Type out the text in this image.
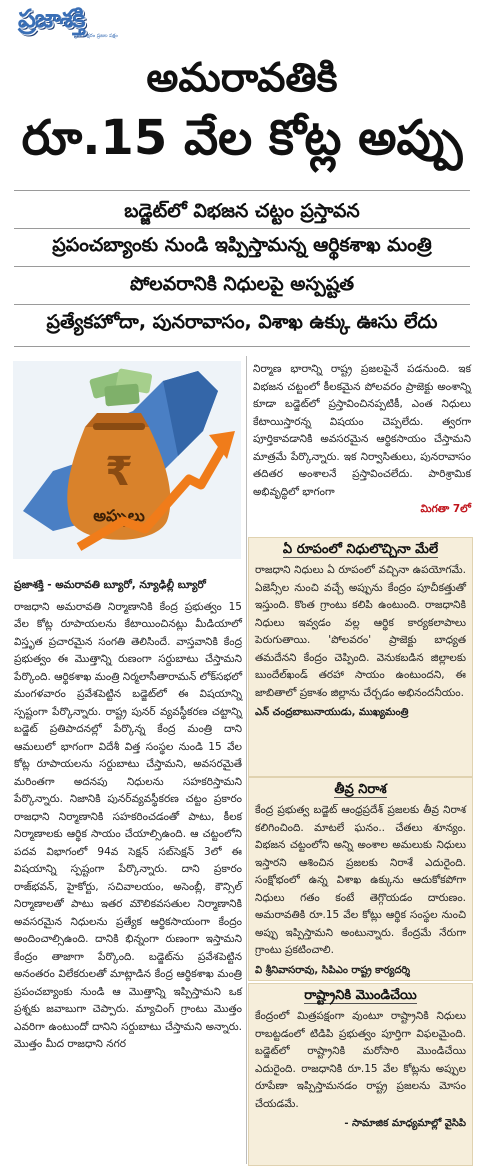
ప్రజాశక్తి
ప్రతి అక్షరం ప్రజల పక్షం
అమరావతికి
రూ.15 వేల కోట్ల అప్పు
బడ్జెట్‌లో విభజన చట్టం ప్రస్తావన
ప్రపంచబ్యాంకు నుండి ఇప్పిస్తామన్న ఆర్థికశాఖ మంత్రి
పోలవరానికి నిధులపై అస్పష్టత
ప్రత్యేకహోదా, పునరావాసం, విశాఖ ఉక్కు ఊసు లేదు
₹
అప్పులు

నిర్మాణ భారాన్ని రాష్ట్ర ప్రజలపైనే పడనుంది. ఇక విభజన చట్టంలో కీలకమైన పోలవరం ప్రాజెక్టు అంశాన్ని కూడా బడ్జెట్‌లో ప్రస్తావించినప్పటికీ, ఎంత నిధులు కేటాయిస్తారన్న విషయం చెప్పలేదు. త్వరగా పూర్తికావడానికి అవసరమైన ఆర్థికసాయం చేస్తామని మాత్రమే పేర్కొన్నారు. ఇక నిర్వాసితులు, పునరావాసం తదితర అంశాలనే ప్రస్తావించలేదు. పారిశ్రామిక అభివృద్ధిలో భాగంగా

మిగతా 7లో

ప్రజాశక్తి - అమరావతి బ్యూరో, న్యూఢిల్లీ బ్యూరో

రాజధాని అమరావతి నిర్మాణానికి కేంద్ర ప్రభుత్వం 15 వేల కోట్ల రూపాయలను కేటాయించినట్లు మీడియాలో విస్తృత ప్రచారమైన సంగతి తెలిసిందే. వాస్తవానికి కేంద్ర ప్రభుత్వం ఈ మొత్తాన్ని రుణంగా సర్దుబాటు చేస్తామని పేర్కొంది. ఆర్థికశాఖ మంత్రి నిర్మలాసీతారామన్ లోక్‌సభలో మంగళవారం ప్రవేశపెట్టిన బడ్జెట్‌లో ఈ విషయాన్ని స్పష్టంగా పేర్కొన్నారు. రాష్ట్ర పునర్ వ్యవస్థీకరణ చట్టాన్ని బడ్జెట్ ప్రతిపాదనల్లో పేర్కొన్న కేంద్ర మంత్రి దాని ఆమలులో భాగంగా విదేశీ విత్త సంస్థల నుండి 15 వేల కోట్ల రూపాయలను సర్దుబాటు చేస్తామని, అవసరమైతే మరింతగా అదనపు నిధులను సహకరిస్తామని పేర్కొన్నారు. నిజానికి పునర్‌వ్యవస్థీకరణ చట్టం ప్రకారం రాజధాని నిర్మాణానికి సహకరించడంతో పాటు, కీలక నిర్మాణాలకు ఆర్థిక సాయం చేయాల్సిఉంది. ఆ చట్టంలోని పదవ విభాగంలో 94వ సెక్షన్ సబ్‌సెక్షన్ 3లో ఈ విషయాన్ని స్పష్టంగా పేర్కొన్నారు. దాని ప్రకారం రాజ్‌భవన్, హైకోర్టు, సచివాలయం, అసెంబ్లీ, కౌన్సిల్ నిర్మాణాలతో పాటు ఇతర మౌలికవసతుల నిర్మాణానికి అవసరమైన నిధులను ప్రత్యేక ఆర్థికసాయంగా కేంద్రం అందించాల్సిఉంది. దానికి భిన్నంగా రుణంగా ఇస్తామని కేంద్రం తాజాగా పేర్కొంది. బడ్జెట్‌ను ప్రవేశపెట్టిన అనంతరం విలేకరులతో మాట్లాడిన కేంద్ర ఆర్థికశాఖ మంత్రి ప్రపంచబ్యాంకు నుండి ఆ మొత్తాన్ని ఇప్పిస్తామని ఒక ప్రశ్నకు జవాబుగా చెప్పారు. మ్యాచింగ్ గ్రాంటు మొత్తం ఎవరిగా ఉంటుందో దానిని సర్దుబాటు చేస్తామని అన్నారు. మొత్తం మీద రాజధాని నగర

ఏ రూపంలో నిధులొచ్చినా మేలే

రాజధాని నిధులు ఏ రూపంలో వచ్చినా ఉపయోగమే. ఏజెన్సీల నుంచి వచ్చే అప్పును కేంద్రం పూచీకత్తుతో ఇస్తుంది. కొంత గ్రాంటు కలిపి ఉంటుంది. రాజధానికి నిధులు ఇవ్వడం వల్ల ఆర్థిక కార్యకలాపాలు పెరుగుతాయి. 'పోలవరం' ప్రాజెక్టు బాధ్యత తమదేనని కేంద్రం చెప్పింది. వెనుకబడిన జిల్లాలకు బుందేల్‌ఖండ్ తరహా సాయం ఉంటుందని, ఈ జాబితాలో ప్రకాశం జిల్లాను చేర్చడం అభినందనీయం.

ఎన్ చంద్రబాబునాయుడు, ముఖ్యమంత్రి

తీవ్ర నిరాశ

కేంద్ర ప్రభుత్వ బడ్జెట్ ఆంధ్రప్రదేశ్ ప్రజలకు తీవ్ర నిరాశ కలిగించింది. మాటలే ఘనం.. చేతలు శూన్యం. విభజన చట్టంలోని అన్ని అంశాల అమలుకు నిధులు ఇస్తారని ఆశించిన ప్రజలకు నిరాశే ఎదురైంది. సంక్షోభంలో ఉన్న విశాఖ ఉక్కును ఆదుకోకపోగా నిధులు గతం కంటే తెగ్గొయడం దారుణం. అమరావతికి రూ.15 వేల కోట్లు ఆర్థిక సంస్థల నుంచి అప్పు ఇప్పిస్తామని అంటున్నారు. కేంద్రమే నేరుగా గ్రాంటు ప్రకటించాలి.

వి శ్రీనివాసరావు, సిపిఎం రాష్ట్ర కార్యదర్శి

రాష్ట్రానికి మొండిచేయి

కేంద్రంలో మిత్రపక్షంగా వుంటూ రాష్ట్రానికి నిధులు రాబట్టడంలో టిడిపి ప్రభుత్వం పూర్తిగా విఫలమైంది. బడ్జెట్‌లో రాష్ట్రానికి మరోసారి మొండిచేయి ఎదురైంది. రాజధానికి రూ.15 వేల కోట్లను అప్పుల రూపేణా ఇప్పిస్తామనడం రాష్ట్ర ప్రజలను మోసం చేయడమే.

- సామాజిక మాధ్యమాల్లో వైసిపి
